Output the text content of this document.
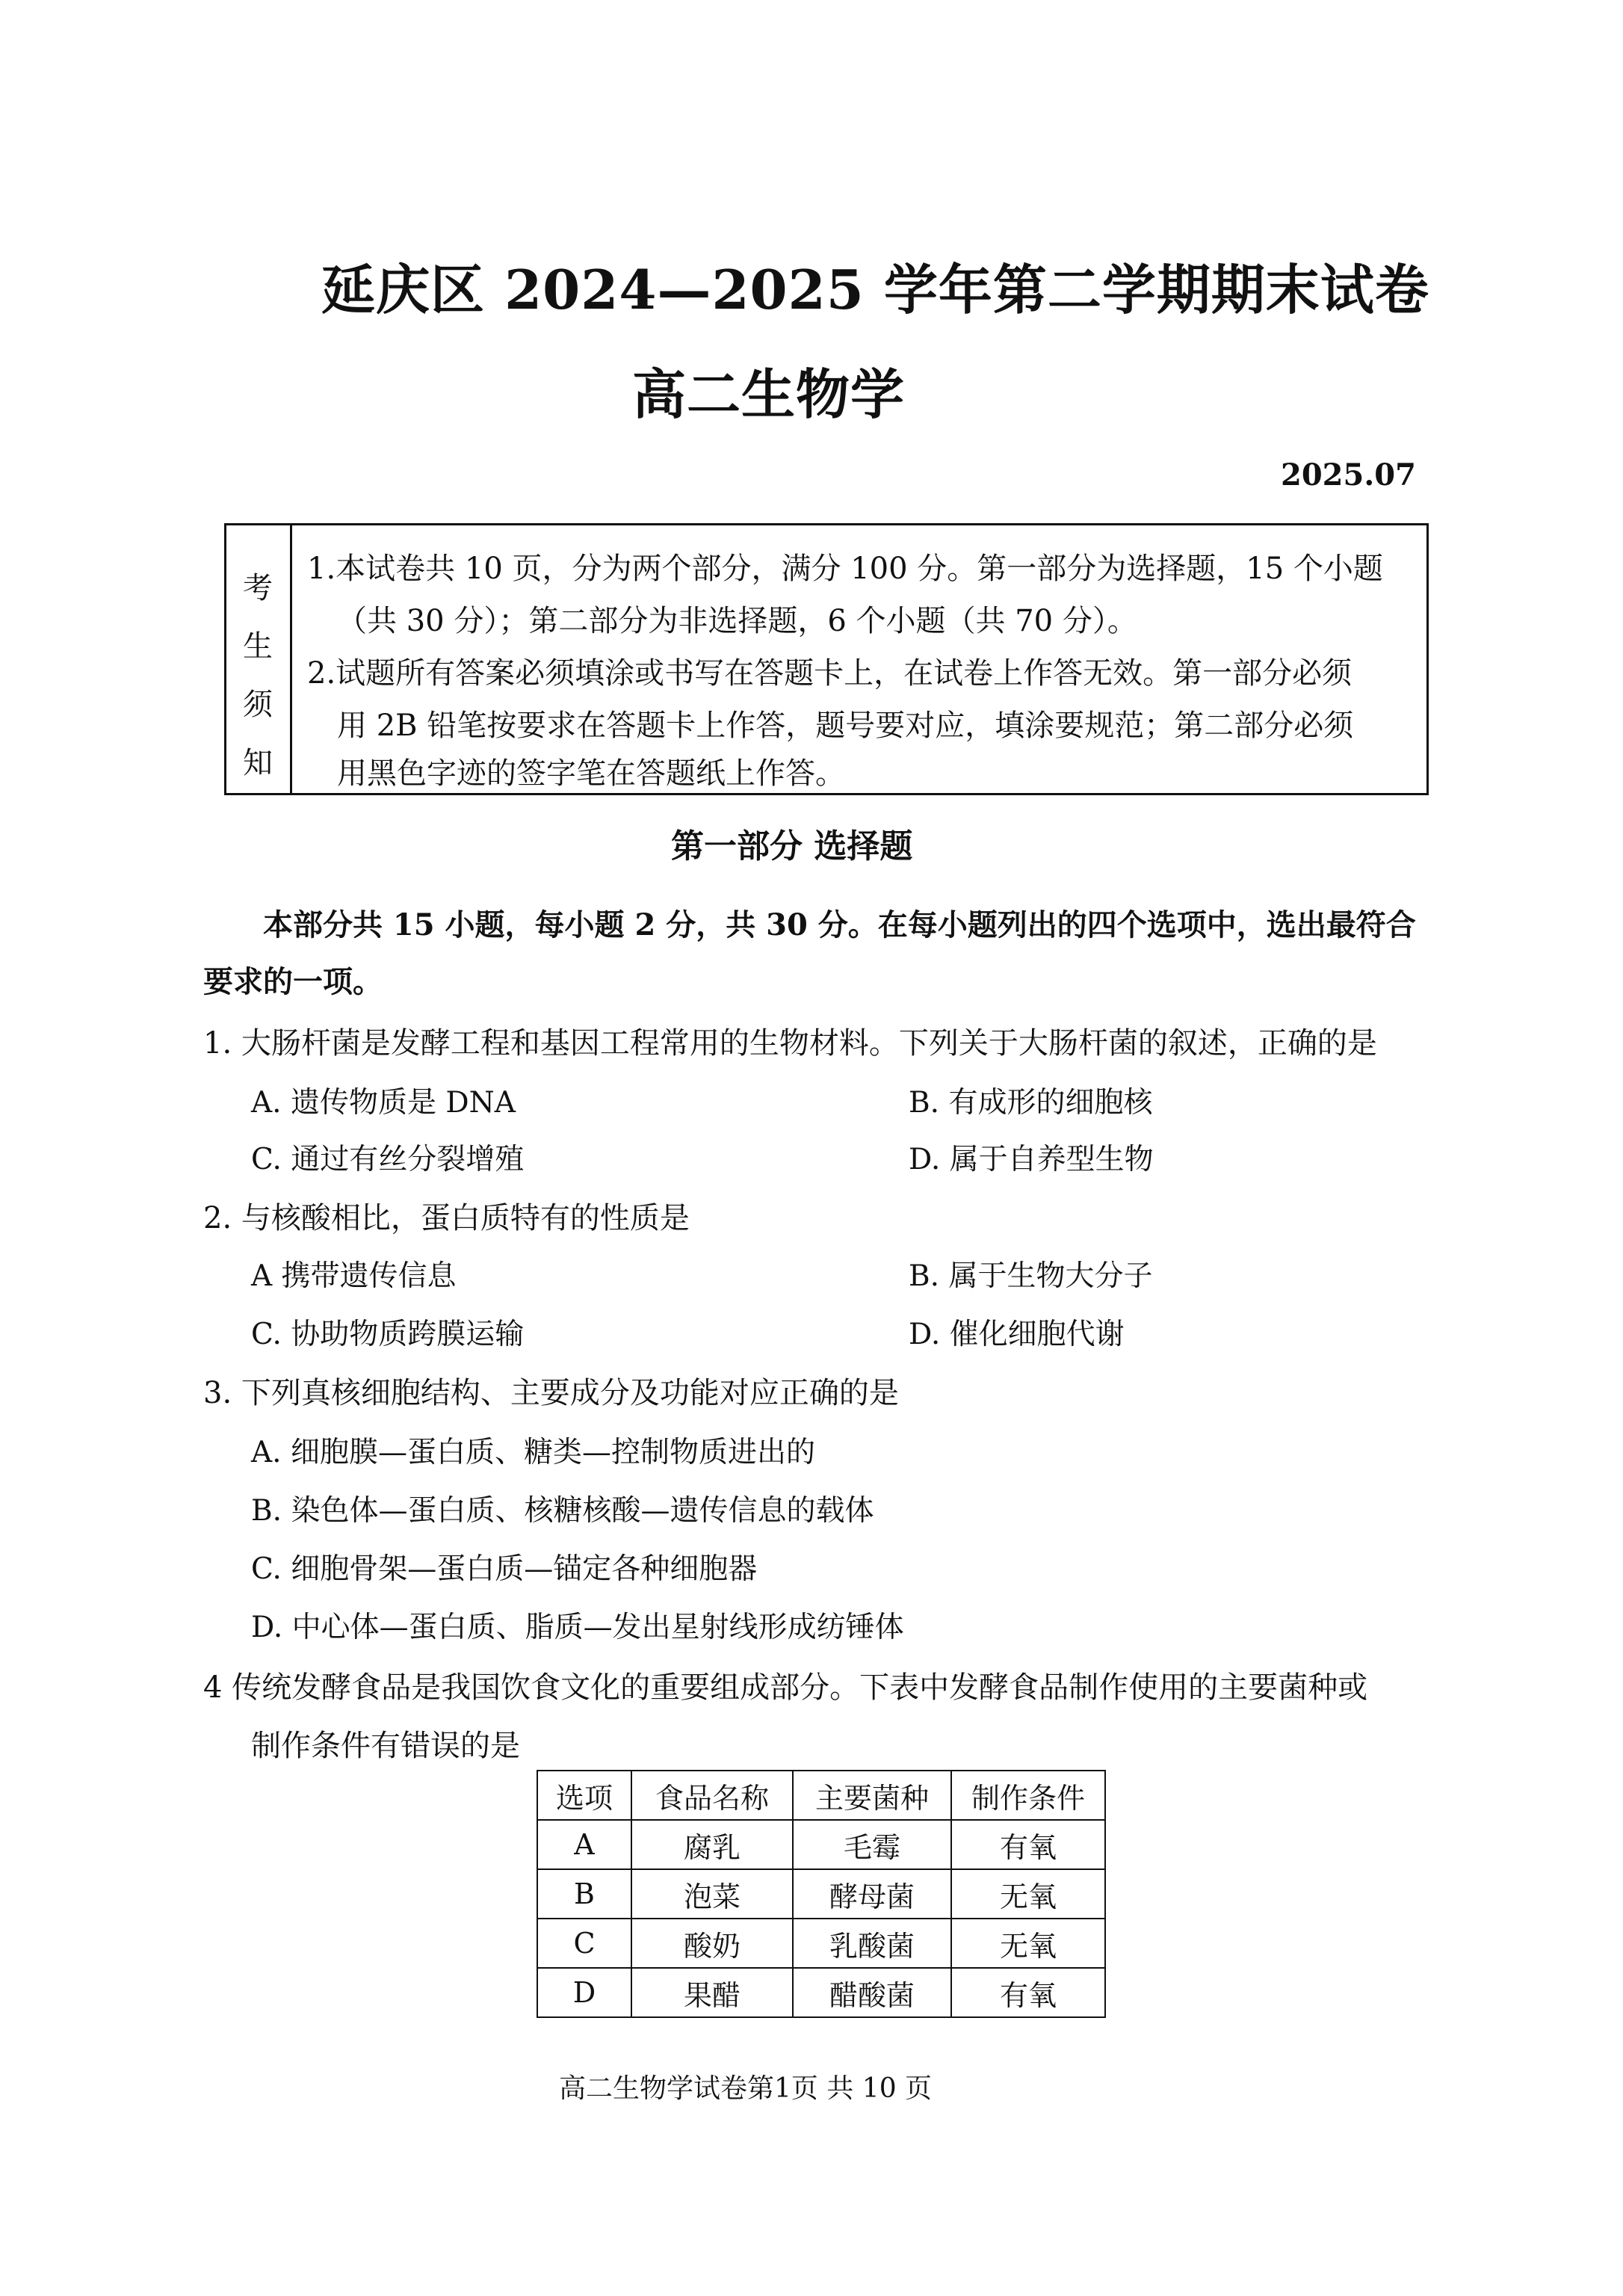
延庆区 2024—2025 学年第二学期期末试卷
高二生物学
2025.07
考
生
须
知
1.本试卷共 10 页，分为两个部分，满分 100 分。第一部分为选择题，15 个小题
（共 30 分）；第二部分为非选择题，6 个小题（共 70 分）。
2.试题所有答案必须填涂或书写在答题卡上，在试卷上作答无效。第一部分必须
用 2B 铅笔按要求在答题卡上作答，题号要对应，填涂要规范；第二部分必须
用黑色字迹的签字笔在答题纸上作答。
第一部分 选择题
本部分共 15 小题，每小题 2 分，共 30 分。在每小题列出的四个选项中，选出最符合
要求的一项。
1. 大肠杆菌是发酵工程和基因工程常用的生物材料。下列关于大肠杆菌的叙述，正确的是
A. 遗传物质是 DNA	B. 有成形的细胞核
C. 通过有丝分裂增殖	D. 属于自养型生物
2. 与核酸相比，蛋白质特有的性质是
A 携带遗传信息	B. 属于生物大分子
C. 协助物质跨膜运输	D. 催化细胞代谢
3. 下列真核细胞结构、主要成分及功能对应正确的是
A. 细胞膜—蛋白质、糖类—控制物质进出的
B. 染色体—蛋白质、核糖核酸—遗传信息的载体
C. 细胞骨架—蛋白质—锚定各种细胞器
D. 中心体—蛋白质、脂质—发出星射线形成纺锤体
4 传统发酵食品是我国饮食文化的重要组成部分。下表中发酵食品制作使用的主要菌种或
制作条件有错误的是
选项	食品名称	主要菌种	制作条件
A	腐乳	毛霉	有氧
B	泡菜	酵母菌	无氧
C	酸奶	乳酸菌	无氧
D	果醋	醋酸菌	有氧
高二生物学试卷第1页 共 10 页
